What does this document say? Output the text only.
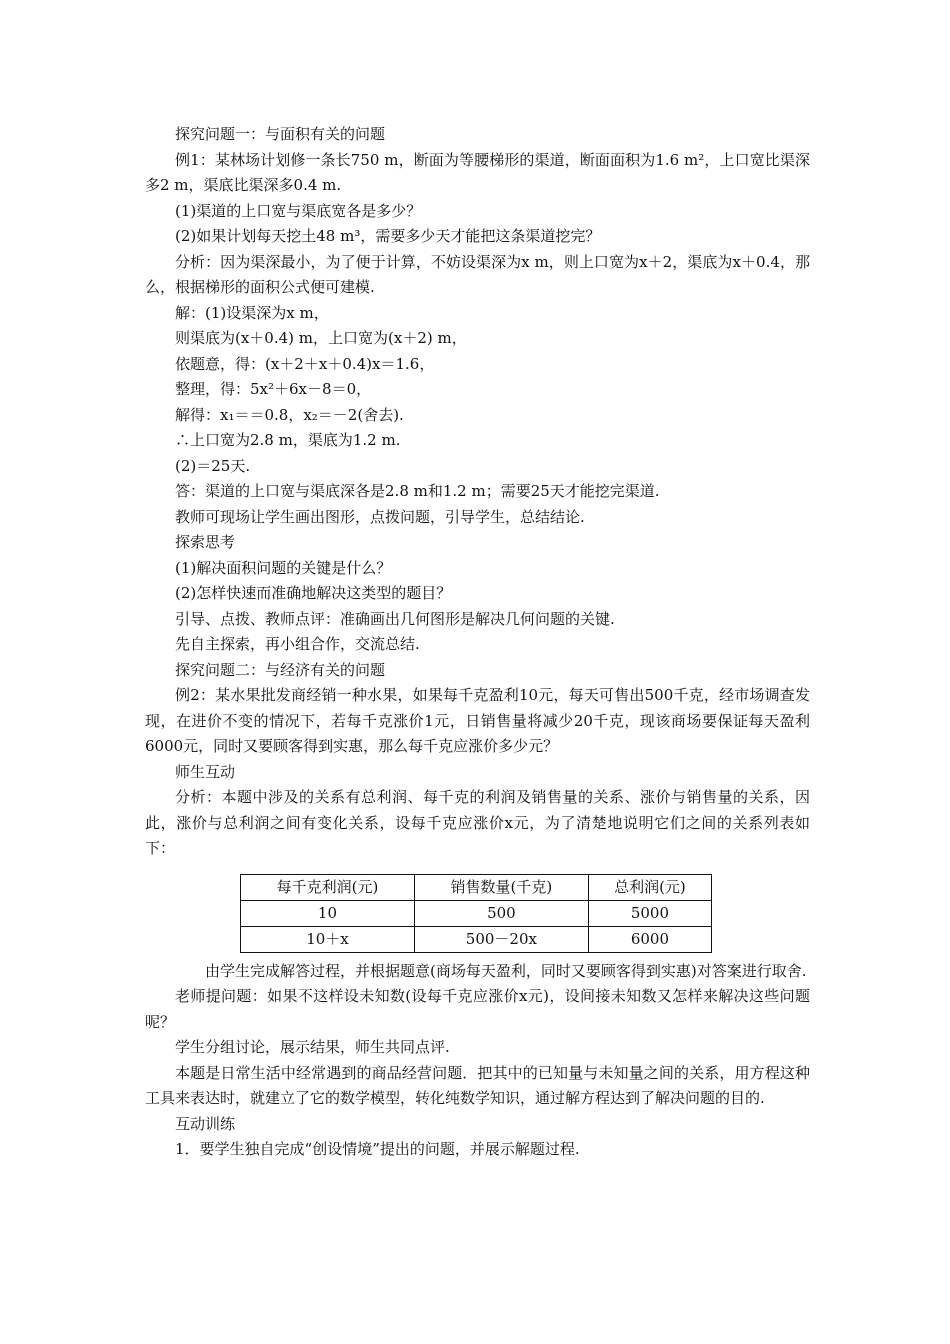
探究问题一：与面积有关的问题

例1：某林场计划修一条长750 m，断面为等腰梯形的渠道，断面面积为1.6 m²，上口宽比渠深多2 m，渠底比渠深多0.4 m.

(1)渠道的上口宽与渠底宽各是多少？

(2)如果计划每天挖土48 m³，需要多少天才能把这条渠道挖完？

分析：因为渠深最小，为了便于计算，不妨设渠深为x m，则上口宽为x＋2，渠底为x＋0.4，那么，根据梯形的面积公式便可建模.

解：(1)设渠深为x m，

则渠底为(x＋0.4) m，上口宽为(x＋2) m，

依题意，得：(x＋2＋x＋0.4)x＝1.6，

整理，得：5x²＋6x－8＝0，

解得：x₁＝＝0.8，x₂＝－2(舍去).

∴上口宽为2.8 m，渠底为1.2 m.

(2)＝25天.

答：渠道的上口宽与渠底深各是2.8 m和1.2 m；需要25天才能挖完渠道.

教师可现场让学生画出图形，点拨问题，引导学生，总结结论.

探索思考

(1)解决面积问题的关键是什么？

(2)怎样快速而准确地解决这类型的题目？

引导、点拨、教师点评：准确画出几何图形是解决几何问题的关键.

先自主探索，再小组合作，交流总结.

探究问题二：与经济有关的问题

例2：某水果批发商经销一种水果，如果每千克盈利10元，每天可售出500千克，经市场调查发现，在进价不变的情况下，若每千克涨价1元，日销售量将减少20千克，现该商场要保证每天盈利6000元，同时又要顾客得到实惠，那么每千克应涨价多少元？

师生互动

分析：本题中涉及的关系有总利润、每千克的利润及销售量的关系、涨价与销售量的关系，因此，涨价与总利润之间有变化关系，设每千克应涨价x元，为了清楚地说明它们之间的关系列表如下：

每千克利润(元)	销售数量(千克)	总利润(元)
10	500	5000
10＋x	500－20x	6000

由学生完成解答过程，并根据题意(商场每天盈利，同时又要顾客得到实惠)对答案进行取舍.

老师提问题：如果不这样设未知数(设每千克应涨价x元)，设间接未知数又怎样来解决这些问题呢？

学生分组讨论，展示结果，师生共同点评.

本题是日常生活中经常遇到的商品经营问题．把其中的已知量与未知量之间的关系，用方程这种工具来表达时，就建立了它的数学模型，转化纯数学知识，通过解方程达到了解决问题的目的.

互动训练

1．要学生独自完成“创设情境”提出的问题，并展示解题过程.
